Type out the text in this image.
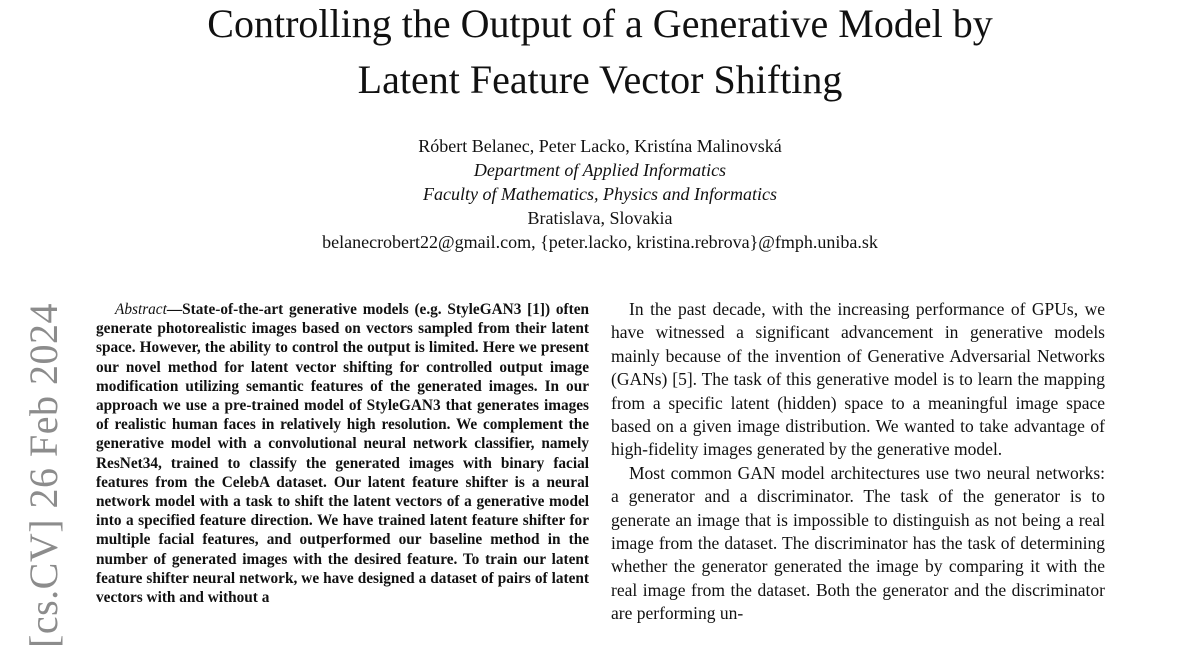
Controlling the Output of a Generative Model by
Latent Feature Vector Shifting
Róbert Belanec, Peter Lacko, Kristína Malinovská
Department of Applied Informatics
Faculty of Mathematics, Physics and Informatics
Bratislava, Slovakia
belanecrobert22@gmail.com, {peter.lacko, kristina.rebrova}@fmph.uniba.sk
[cs.CV] 26 Feb 2024	Abstract—State-of-the-art generative models (e.g. StyleGAN3 [1]) often generate photorealistic images based on vectors sampled from their latent space. However, the ability to control the output is limited. Here we present our novel method for latent vector shifting for controlled output image modification utilizing semantic features of the generated images. In our approach we use a pre-trained model of StyleGAN3 that generates images of realistic human faces in relatively high resolution. We complement the generative model with a convolutional neural network classifier, namely ResNet34, trained to classify the generated images with binary facial features from the CelebA dataset. Our latent feature shifter is a neural network model with a task to shift the latent vectors of a generative model into a specified feature direction. We have trained latent feature shifter for multiple facial features, and outperformed our baseline method in the number of generated images with the desired feature. To train our latent feature shifter neural network, we have designed a dataset of pairs of latent vectors with and without a

In the past decade, with the increasing performance of GPUs, we have witnessed a significant advancement in generative models mainly because of the invention of Generative Adversarial Networks (GANs) [5]. The task of this generative model is to learn the mapping from a specific latent (hidden) space to a meaningful image space based on a given image distribution. We wanted to take advantage of high-fidelity images generated by the generative model.

Most common GAN model architectures use two neural networks: a generator and a discriminator. The task of the generator is to generate an image that is impossible to distinguish as not being a real image from the dataset. The discriminator has the task of determining whether the generator generated the image by comparing it with the real image from the dataset. Both the generator and the discriminator are performing un-
